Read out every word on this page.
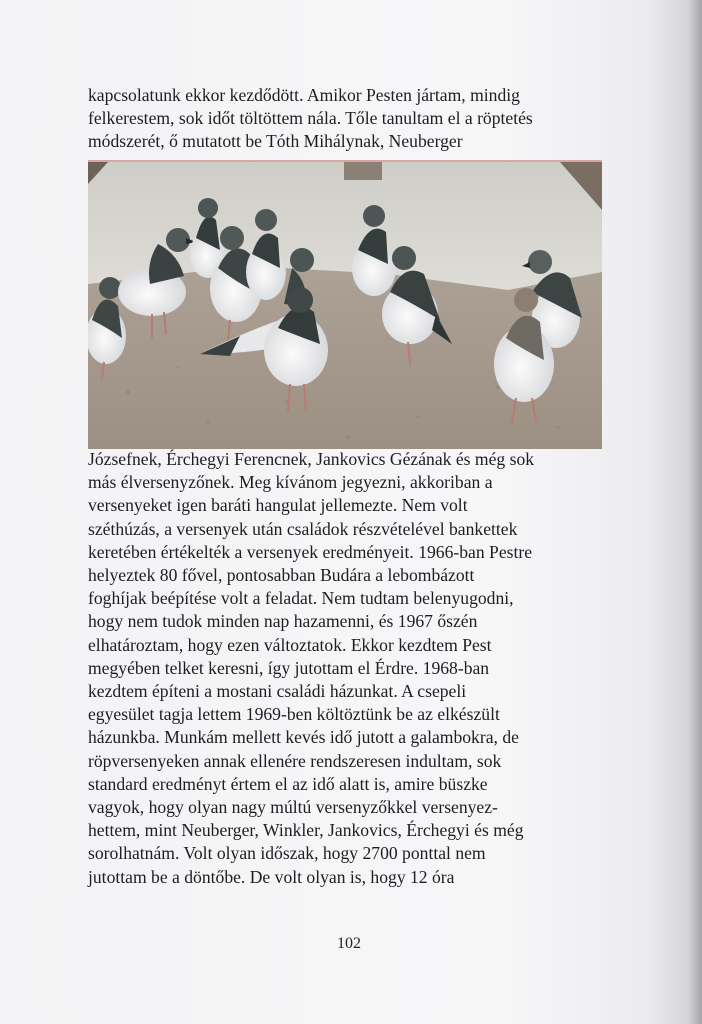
kapcsolatunk ekkor kezdődött. Amikor Pesten jártam, mindig
felkerestem, sok időt töltöttem nála. Tőle tanultam el a röptetés
módszerét, ő mutatott be Tóth Mihálynak, Neuberger
Józsefnek, Érchegyi Ferencnek, Jankovics Gézának és még sok
más élversenyzőnek. Meg kívánom jegyezni, akkoriban a
versenyeket igen baráti hangulat jellemezte. Nem volt
széthúzás, a versenyek után családok részvételével bankettek
keretében értékelték a versenyek eredményeit. 1966-ban Pestre
helyeztek 80 fővel, pontosabban Budára a lebombázott
foghíjak beépítése volt a feladat. Nem tudtam belenyugodni,
hogy nem tudok minden nap hazamenni, és 1967 őszén
elhatároztam, hogy ezen változtatok. Ekkor kezdtem Pest
megyében telket keresni, így jutottam el Érdre. 1968-ban
kezdtem építeni a mostani családi házunkat. A csepeli
egyesület tagja lettem 1969-ben költöztünk be az elkészült
házunkba. Munkám mellett kevés idő jutott a galambokra, de
röpversenyeken annak ellenére rendszeresen indultam, sok
standard eredményt értem el az idő alatt is, amire büszke
vagyok, hogy olyan nagy múltú versenyzőkkel versenyez-
hettem, mint Neuberger, Winkler, Jankovics, Érchegyi és még
sorolhatnám. Volt olyan időszak, hogy 2700 ponttal nem
jutottam be a döntőbe. De volt olyan is, hogy 12 óra
102
